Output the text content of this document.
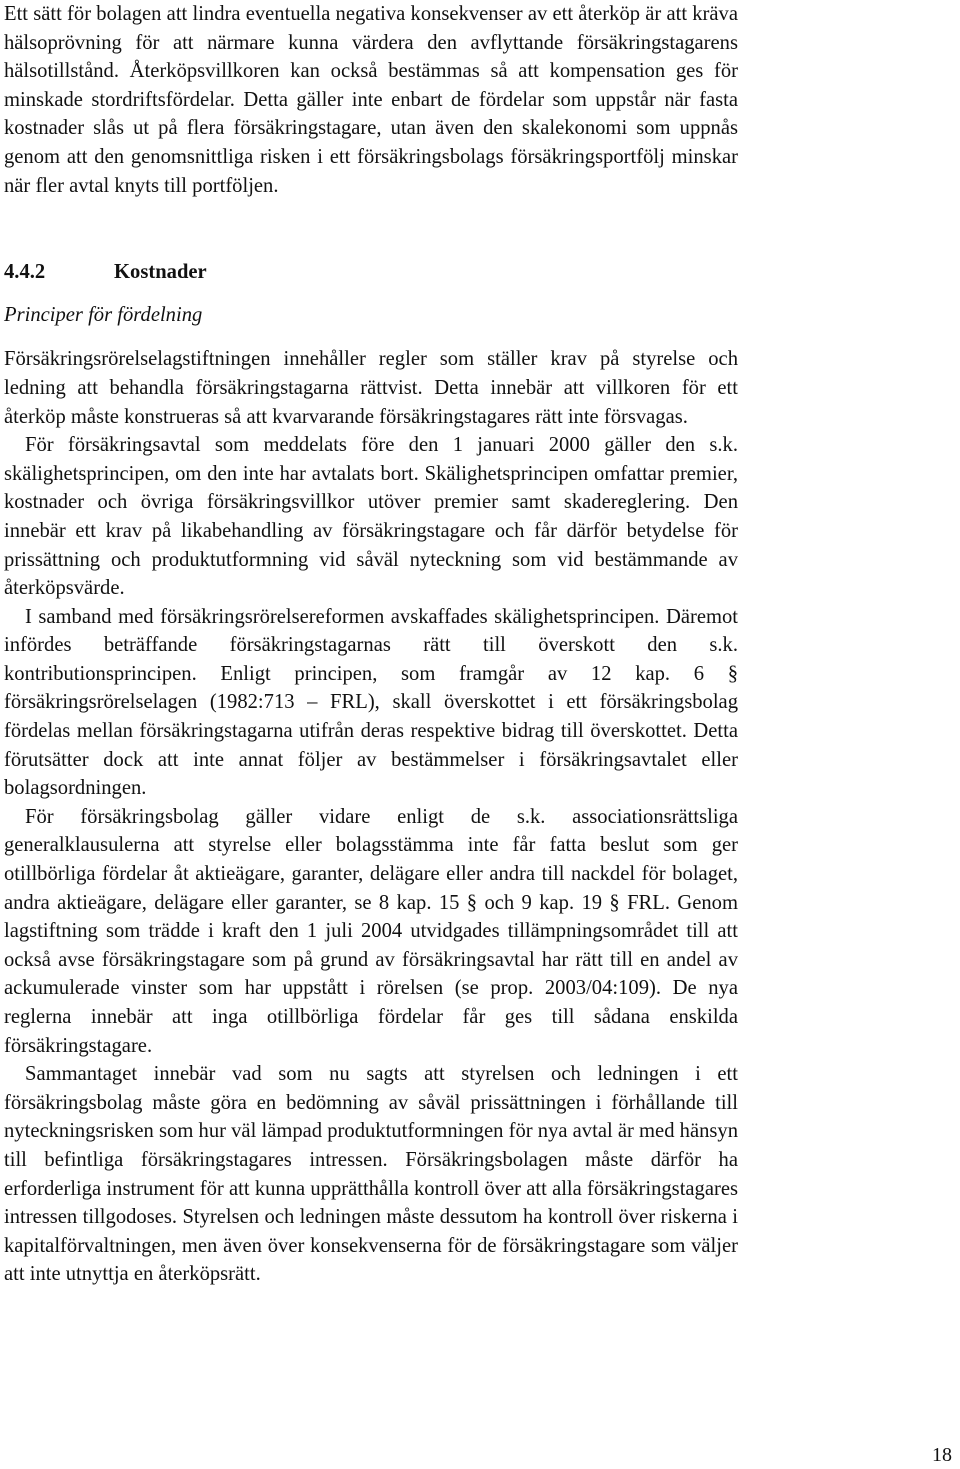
Ett sätt för bolagen att lindra eventuella negativa konsekvenser av ett återköp är att kräva hälsoprövning för att närmare kunna värdera den avflyttande försäkringstagarens hälsotillstånd. Återköpsvillkoren kan också bestämmas så att kompensation ges för minskade stordriftsfördelar. Detta gäller inte enbart de fördelar som uppstår när fasta kostnader slås ut på flera försäkringstagare, utan även den skalekonomi som uppnås genom att den genomsnittliga risken i ett försäkringsbolags försäkringsportfölj minskar när fler avtal knyts till portföljen.

4.4.2	Kostnader
Principer för fördelning

Försäkringsrörelselagstiftningen innehåller regler som ställer krav på styrelse och ledning att behandla försäkringstagarna rättvist. Detta innebär att villkoren för ett återköp måste konstrueras så att kvarvarande försäkringstagares rätt inte försvagas.

För försäkringsavtal som meddelats före den 1 januari 2000 gäller den s.k. skälighetsprincipen, om den inte har avtalats bort. Skälighetsprincipen omfattar premier, kostnader och övriga försäkringsvillkor utöver premier samt skadereglering. Den innebär ett krav på likabehandling av försäkringstagare och får därför betydelse för prissättning och produktutformning vid såväl nyteckning som vid bestämmande av återköpsvärde.

I samband med försäkringsrörelsereformen avskaffades skälighetsprincipen. Däremot infördes beträffande försäkringstagarnas rätt till överskott den s.k. kontributionsprincipen. Enligt principen, som framgår av 12 kap. 6 § försäkringsrörelselagen (1982:713 – FRL), skall överskottet i ett försäkringsbolag fördelas mellan försäkringstagarna utifrån deras respektive bidrag till överskottet. Detta förutsätter dock att inte annat följer av bestämmelser i försäkringsavtalet eller bolagsordningen.

För försäkringsbolag gäller vidare enligt de s.k. associationsrättsliga generalklausulerna att styrelse eller bolagsstämma inte får fatta beslut som ger otillbörliga fördelar åt aktieägare, garanter, delägare eller andra till nackdel för bolaget, andra aktieägare, delägare eller garanter, se 8 kap. 15 § och 9 kap. 19 § FRL. Genom lagstiftning som trädde i kraft den 1 juli 2004 utvidgades tillämpningsområdet till att också avse försäkringstagare som på grund av försäkringsavtal har rätt till en andel av ackumulerade vinster som har uppstått i rörelsen (se prop. 2003/04:109). De nya reglerna innebär att inga otillbörliga fördelar får ges till sådana enskilda försäkringstagare.

Sammantaget innebär vad som nu sagts att styrelsen och ledningen i ett försäkringsbolag måste göra en bedömning av såväl prissättningen i förhållande till nyteckningsrisken som hur väl lämpad produktutformningen för nya avtal är med hänsyn till befintliga försäkringstagares intressen. Försäkringsbolagen måste därför ha erforderliga instrument för att kunna upprätthålla kontroll över att alla försäkringstagares intressen tillgodoses. Styrelsen och ledningen måste dessutom ha kontroll över riskerna i kapitalförvaltningen, men även över konsekvenserna för de försäkringstagare som väljer att inte utnyttja en återköpsrätt.

18
